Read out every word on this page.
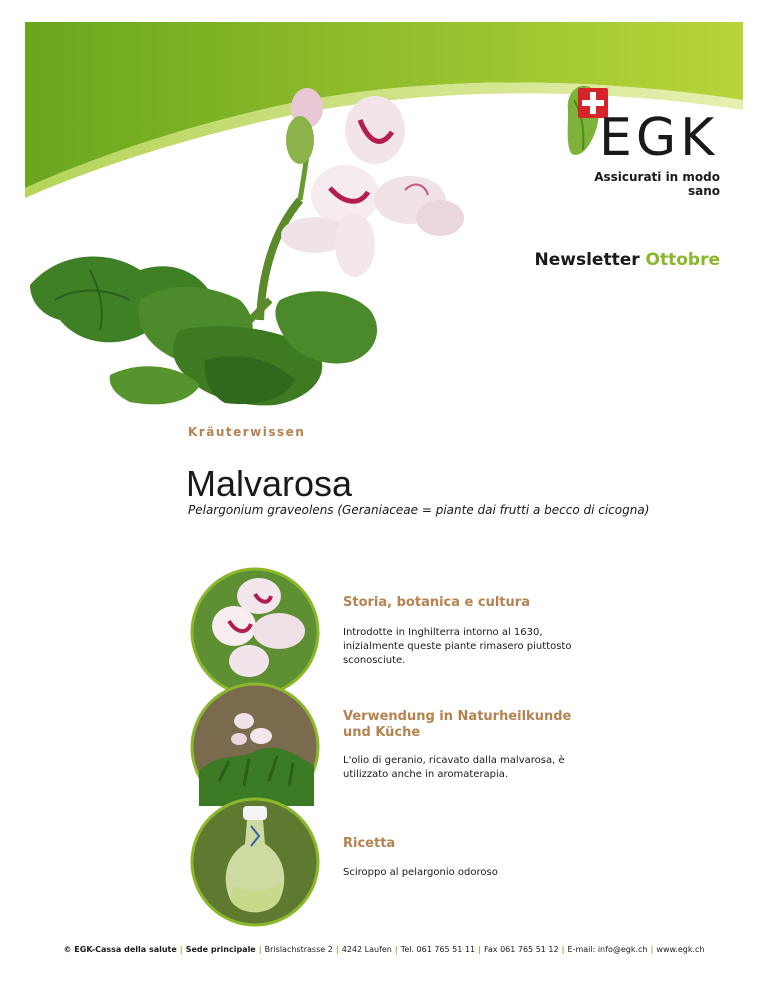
EGK
Assicurati in modo sano
Newsletter Ottobre
Kräuterwissen
Malvarosa
Pelargonium graveolens (Geraniaceae = piante dai frutti a becco di cicogna)
Storia, botanica e cultura
Introdotte in Inghilterra intorno al 1630, inizialmente queste piante rimasero piuttosto sconosciute.
Verwendung in Naturheilkunde und Küche
L'olio di geranio, ricavato dalla malvarosa, è utilizzato anche in aromaterapia.
Ricetta
Sciroppo al pelargonio odoroso
© EGK-Cassa della salute | Sede principale | Brislachstrasse 2 | 4242 Laufen | Tel. 061 765 51 11 | Fax 061 765 51 12 | E-mail: info@egk.ch | www.egk.ch
